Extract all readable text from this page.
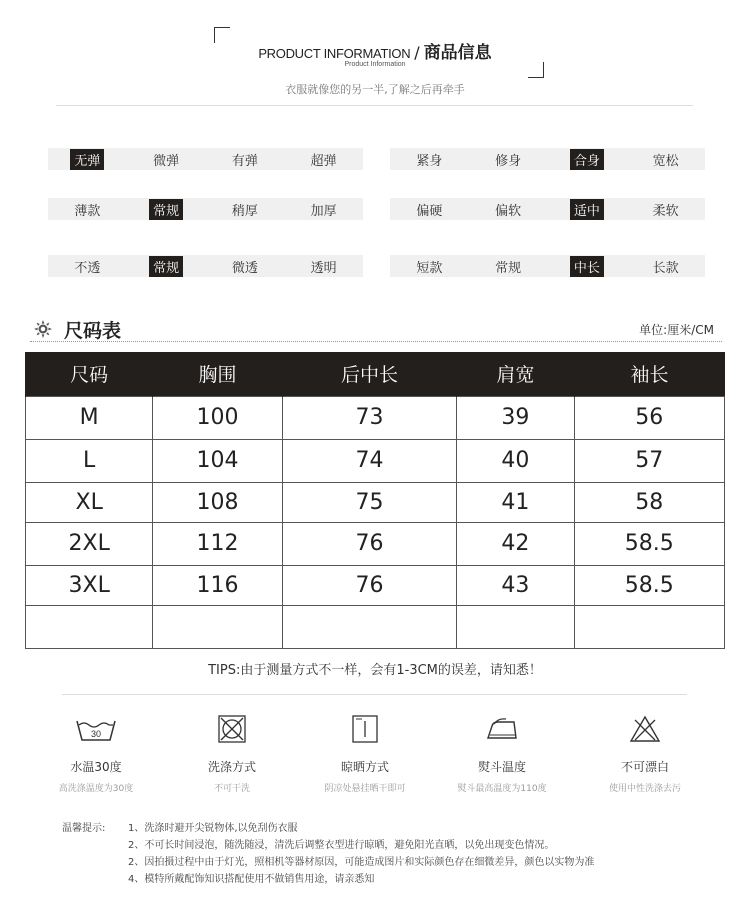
PRODUCT INFORMATION / 商品信息
Product Information
衣服就像您的另一半,了解之后再牵手
无弹	微弹	有弹	超弹	紧身	修身	合身	宽松
薄款	常规	稍厚	加厚	偏硬	偏软	适中	柔软
不透	常规	微透	透明	短款	常规	中长	长款
尺码表	单位:厘米/CM
尺码	胸围	后中长	肩宽	袖长
M	100	73	39	56
L	104	74	40	57
XL	108	75	41	58
2XL	112	76	42	58.5
3XL	116	76	43	58.5

TIPS:由于测量方式不一样，会有1-3CM的误差，请知悉！
30
水温30度
高洗涤温度为30度
洗涤方式
不可干洗
晾晒方式
阴凉处悬挂晒干即可
熨斗温度
熨斗最高温度为110度
不可漂白
使用中性洗涤去污
温馨提示: 1、洗涤时避开尖锐物体,以免刮伤衣服
2、不可长时间浸泡，随洗随浸，清洗后调整衣型进行晾晒，避免阳光直晒，以免出现变色情况。
2、因拍摄过程中由于灯光，照相机等器材原因，可能造成图片和实际颜色存在细微差异，颜色以实物为准
4、模特所戴配饰知识搭配使用不做销售用途，请亲悉知
